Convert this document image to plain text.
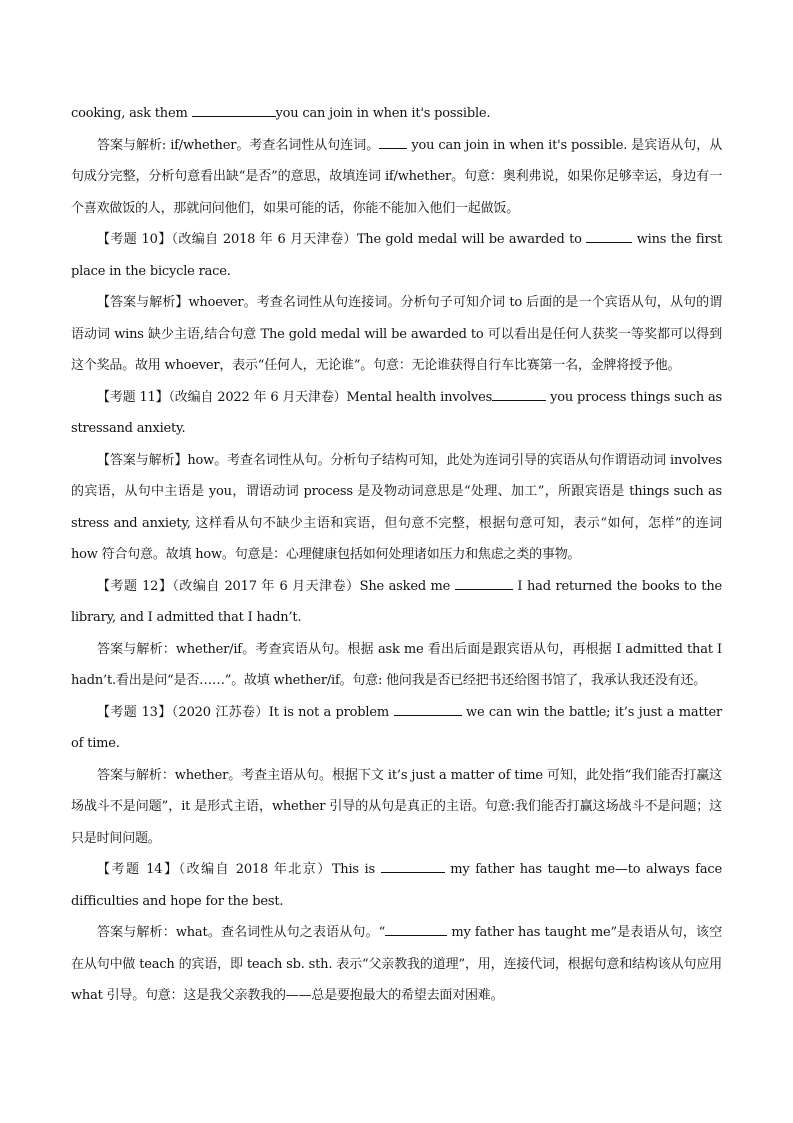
cooking, ask them	you can join in when it's possible.

答案与解析: if/whether。考查名词性从句连词。 you can join in when it's possible. 是宾语从句，从句成分完整，分析句意看出缺“是否”的意思，故填连词 if/whether。句意：奥利弗说，如果你足够幸运，身边有一个喜欢做饭的人，那就问问他们，如果可能的话，你能不能加入他们一起做饭。

【考题 10】（改编自 2018 年 6 月天津卷）The gold medal will be awarded to	wins the first place in the bicycle race.

【答案与解析】whoever。考查名词性从句连接词。分析句子可知介词 to 后面的是一个宾语从句，从句的谓语动词 wins 缺少主语,结合句意 The gold medal will be awarded to 可以看出是任何人获奖一等奖都可以得到这个奖品。故用 whoever，表示“任何人，无论谁”。句意：无论谁获得自行车比赛第一名，金牌将授予他。

【考题 11】（改编自 2022 年 6 月天津卷）Mental health involves	you process things such as stressand anxiety.

【答案与解析】how。考查名词性从句。分析句子结构可知，此处为连词引导的宾语从句作谓语动词 involves 的宾语，从句中主语是 you，谓语动词 process 是及物动词意思是“处理、加工”，所跟宾语是 things such as stress and anxiety, 这样看从句不缺少主语和宾语，但句意不完整，根据句意可知，表示“如何，怎样”的连词 how 符合句意。故填 how。句意是：心理健康包括如何处理诸如压力和焦虑之类的事物。

【考题 12】（改编自 2017 年 6 月天津卷）She asked me	I had returned the books to the library, and I admitted that I hadn’t.

答案与解析：whether/if。考查宾语从句。根据 ask me 看出后面是跟宾语从句，再根据 I admitted that I hadn’t.看出是问“是否……”。故填 whether/if。句意: 他问我是否已经把书还给图书馆了，我承认我还没有还。

【考题 13】（2020 江苏卷）It is not a problem	we can win the battle; it’s just a matter of time.

答案与解析：whether。考查主语从句。根据下文 it’s just a matter of time 可知，此处指“我们能否打赢这场战斗不是问题”，it 是形式主语，whether 引导的从句是真正的主语。句意:我们能否打赢这场战斗不是问题；这只是时间问题。

【考题 14】（改编自 2018 年北京）This is	my father has taught me—to always face difficulties and hope for the best.

答案与解析：what。查名词性从句之表语从句。“	my father has taught me”是表语从句，该空在从句中做 teach 的宾语，即 teach sb. sth. 表示“父亲教我的道理”，用，连接代词，根据句意和结构该从句应用 what 引导。句意：这是我父亲教我的——总是要抱最大的希望去面对困难。
